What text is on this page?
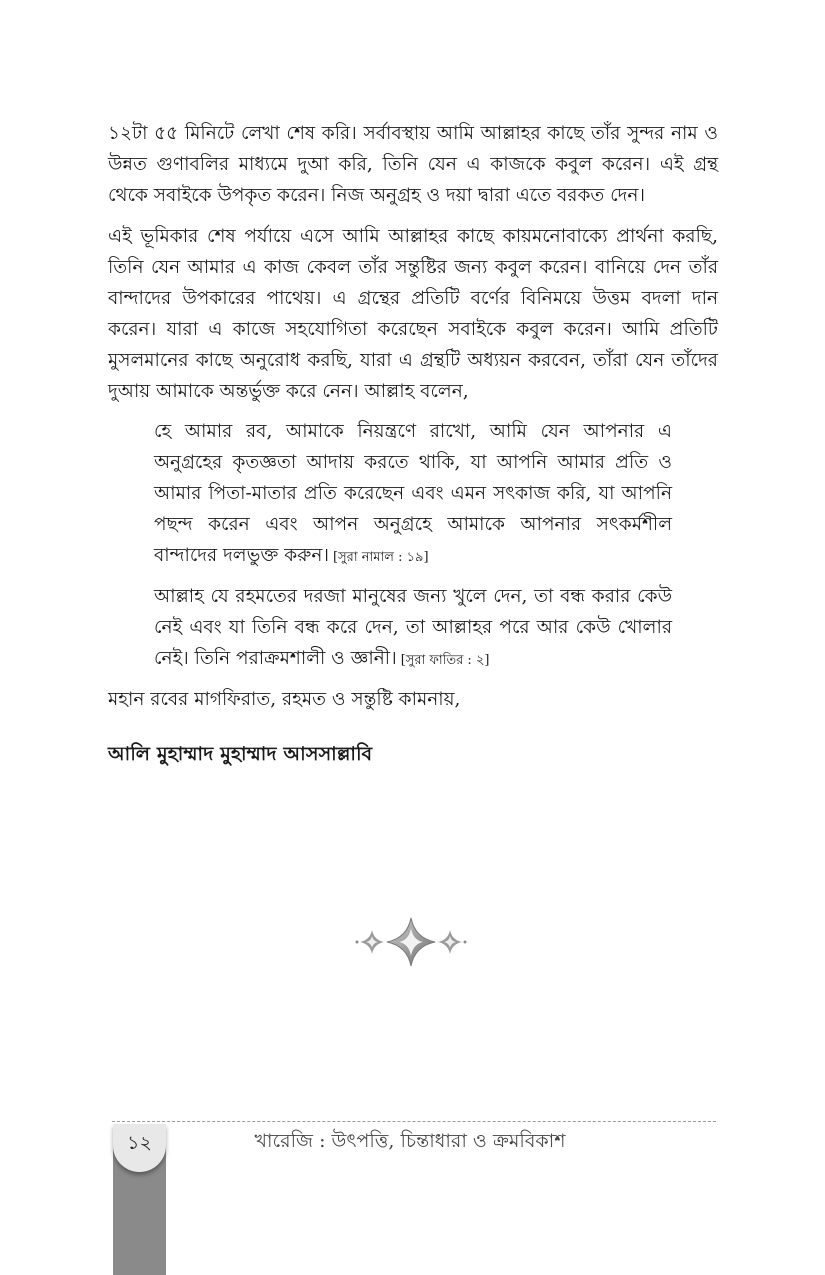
১২টা ৫৫ মিনিটে লেখা শেষ করি। সর্বাবস্থায় আমি আল্লাহর কাছে তাঁর সুন্দর নাম ও উন্নত গুণাবলির মাধ্যমে দুআ করি, তিনি যেন এ কাজকে কবুল করেন। এই গ্রন্থ থেকে সবাইকে উপকৃত করেন। নিজ অনুগ্রহ ও দয়া দ্বারা এতে বরকত দেন।

এই ভূমিকার শেষ পর্যায়ে এসে আমি আল্লাহর কাছে কায়মনোবাক্যে প্রার্থনা করছি, তিনি যেন আমার এ কাজ কেবল তাঁর সন্তুষ্টির জন্য কবুল করেন। বানিয়ে দেন তাঁর বান্দাদের উপকারের পাথেয়। এ গ্রন্থের প্রতিটি বর্ণের বিনিময়ে উত্তম বদলা দান করেন। যারা এ কাজে সহযোগিতা করেছেন সবাইকে কবুল করেন। আমি প্রতিটি মুসলমানের কাছে অনুরোধ করছি, যারা এ গ্রন্থটি অধ্যয়ন করবেন, তাঁরা যেন তাঁদের দুআয় আমাকে অন্তর্ভুক্ত করে নেন। আল্লাহ বলেন,

হে আমার রব, আমাকে নিয়ন্ত্রণে রাখো, আমি যেন আপনার এ অনুগ্রহের কৃতজ্ঞতা আদায় করতে থাকি, যা আপনি আমার প্রতি ও আমার পিতা-মাতার প্রতি করেছেন এবং এমন সৎকাজ করি, যা আপনি পছন্দ করেন এবং আপন অনুগ্রহে আমাকে আপনার সৎকর্মশীল বান্দাদের দলভুক্ত করুন। [সুরা নামাল : ১৯]
আল্লাহ যে রহমতের দরজা মানুষের জন্য খুলে দেন, তা বন্ধ করার কেউ নেই এবং যা তিনি বন্ধ করে দেন, তা আল্লাহর পরে আর কেউ খোলার নেই। তিনি পরাক্রমশালী ও জ্ঞানী। [সুরা ফাতির : ২]

মহান রবের মাগফিরাত, রহমত ও সন্তুষ্টি কামনায়,

আলি মুহাম্মাদ মুহাম্মাদ আসসাল্লাবি
১২	খারেজি : উৎপত্তি, চিন্তাধারা ও ক্রমবিকাশ
